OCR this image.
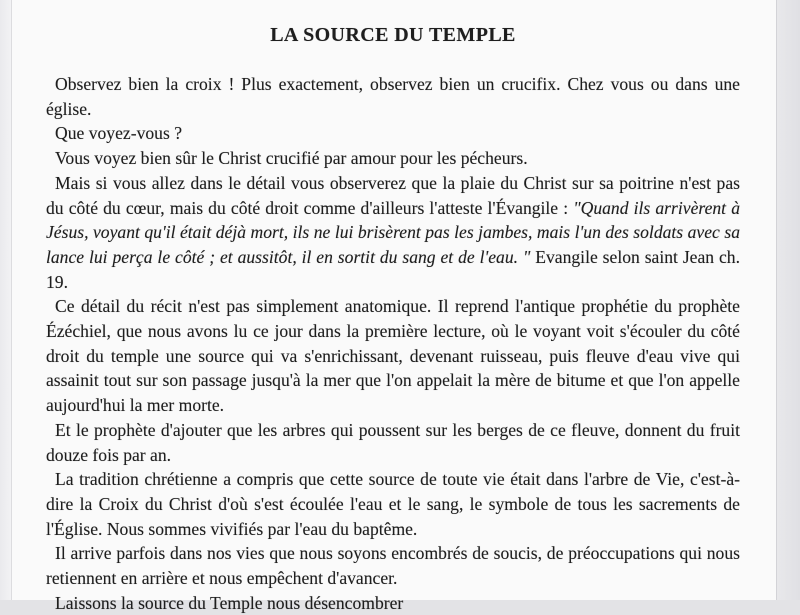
LA SOURCE DU TEMPLE

Observez bien la croix ! Plus exactement, observez bien un crucifix. Chez vous ou dans une église.

Que voyez-vous ?

Vous voyez bien sûr le Christ crucifié par amour pour les pécheurs.

Mais si vous allez dans le détail vous observerez que la plaie du Christ sur sa poitrine n'est pas du côté du cœur, mais du côté droit comme d'ailleurs l'atteste l'Évangile : "Quand ils arrivèrent à Jésus, voyant qu'il était déjà mort, ils ne lui brisèrent pas les jambes, mais l'un des soldats avec sa lance lui perça le côté ; et aussitôt, il en sortit du sang et de l'eau. " Evangile selon saint Jean ch. 19.

Ce détail du récit n'est pas simplement anatomique. Il reprend l'antique prophétie du prophète Ézéchiel, que nous avons lu ce jour dans la première lecture, où le voyant voit s'écouler du côté droit du temple une source qui va s'enrichissant, devenant ruisseau, puis fleuve d'eau vive qui assainit tout sur son passage jusqu'à la mer que l'on appelait la mère de bitume et que l'on appelle aujourd'hui la mer morte.

Et le prophète d'ajouter que les arbres qui poussent sur les berges de ce fleuve, donnent du fruit douze fois par an.

La tradition chrétienne a compris que cette source de toute vie était dans l'arbre de Vie, c'est-à-dire la Croix du Christ d'où s'est écoulée l'eau et le sang, le symbole de tous les sacrements de l'Église. Nous sommes vivifiés par l'eau du baptême.

Il arrive parfois dans nos vies que nous soyons encombrés de soucis, de préoccupations qui nous retiennent en arrière et nous empêchent d'avancer.

Laissons la source du Temple nous désencombrer
